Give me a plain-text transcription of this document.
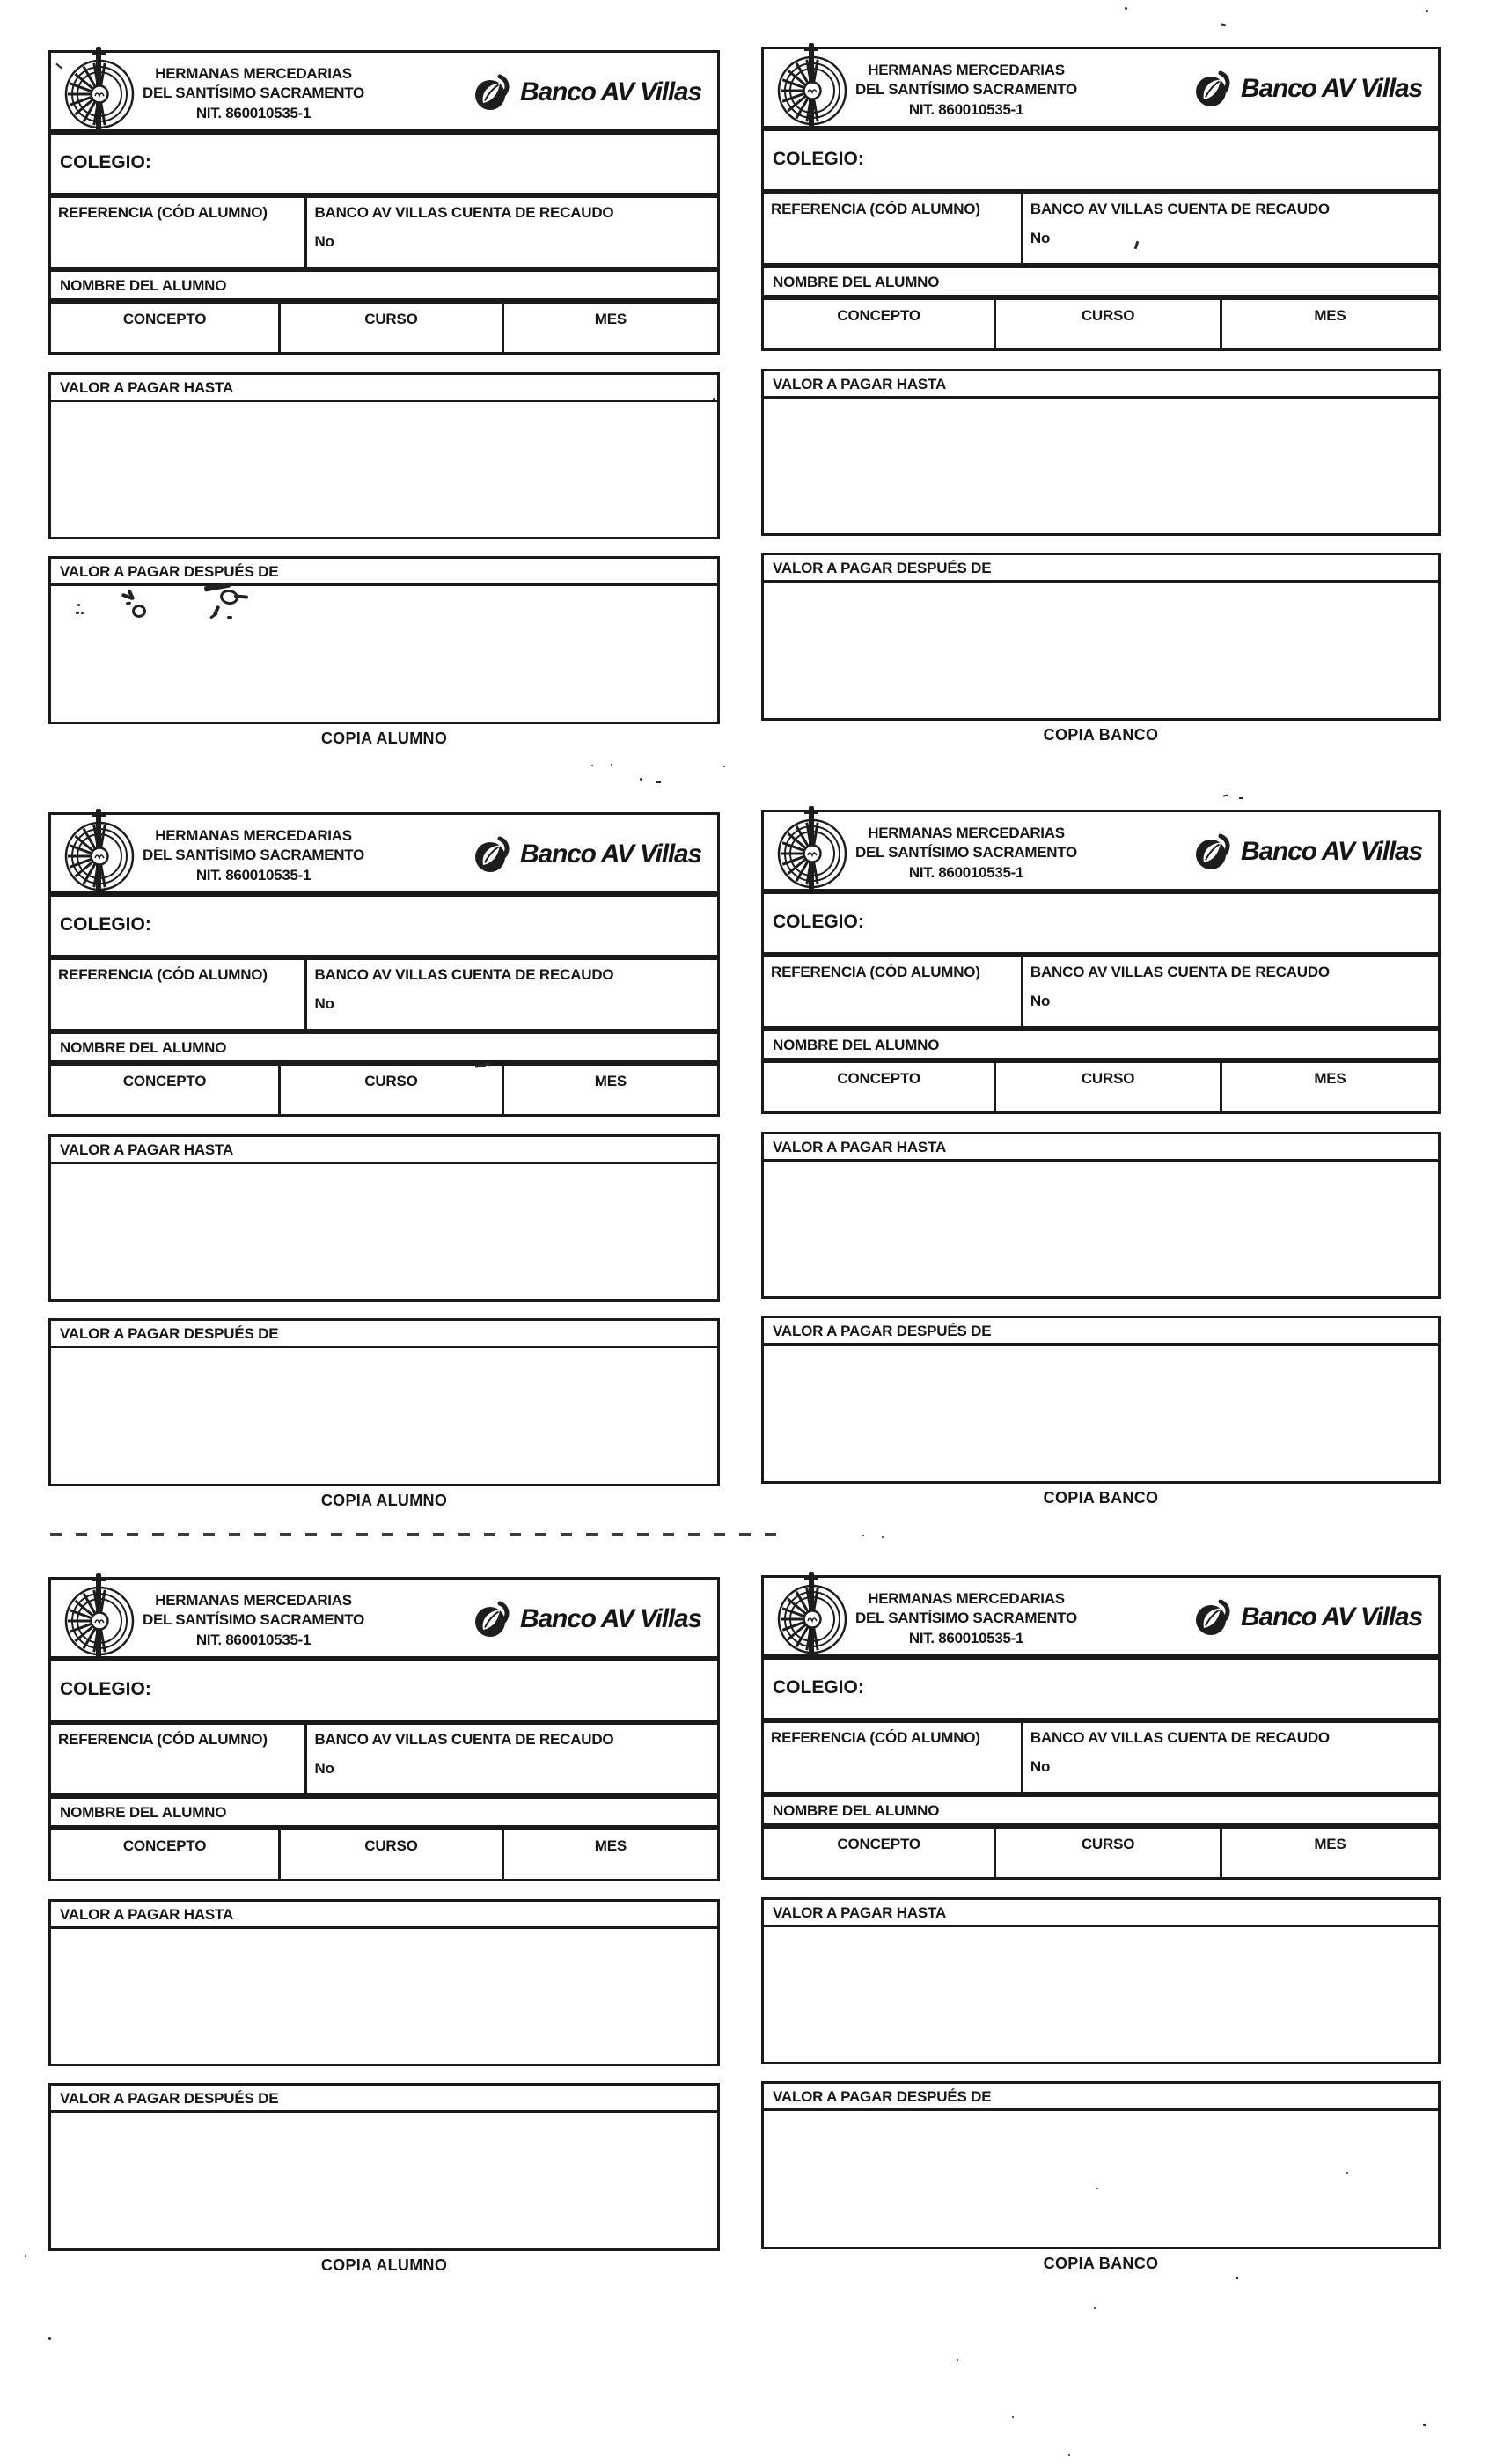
HERMANAS MERCEDARIAS
DEL SANTÍSIMO SACRAMENTO
NIT. 860010535-1
Banco AV Villas
COLEGIO:
REFERENCIA (CÓD ALUMNO)	BANCO AV VILLAS CUENTA DE RECAUDO
No
NOMBRE DEL ALUMNO
CONCEPTO	CURSO	MES
VALOR A PAGAR HASTA
VALOR A PAGAR DESPUÉS DE
COPIA ALUMNO
HERMANAS MERCEDARIAS
DEL SANTÍSIMO SACRAMENTO
NIT. 860010535-1
Banco AV Villas
COLEGIO:
REFERENCIA (CÓD ALUMNO)	BANCO AV VILLAS CUENTA DE RECAUDO
No
NOMBRE DEL ALUMNO
CONCEPTO	CURSO	MES
VALOR A PAGAR HASTA
VALOR A PAGAR DESPUÉS DE
COPIA BANCO
HERMANAS MERCEDARIAS
DEL SANTÍSIMO SACRAMENTO
NIT. 860010535-1
Banco AV Villas
COLEGIO:
REFERENCIA (CÓD ALUMNO)	BANCO AV VILLAS CUENTA DE RECAUDO
No
NOMBRE DEL ALUMNO
CONCEPTO	CURSO	MES
VALOR A PAGAR HASTA
VALOR A PAGAR DESPUÉS DE
COPIA ALUMNO
HERMANAS MERCEDARIAS
DEL SANTÍSIMO SACRAMENTO
NIT. 860010535-1
Banco AV Villas
COLEGIO:
REFERENCIA (CÓD ALUMNO)	BANCO AV VILLAS CUENTA DE RECAUDO
No
NOMBRE DEL ALUMNO
CONCEPTO	CURSO	MES
VALOR A PAGAR HASTA
VALOR A PAGAR DESPUÉS DE
COPIA BANCO
HERMANAS MERCEDARIAS
DEL SANTÍSIMO SACRAMENTO
NIT. 860010535-1
Banco AV Villas
COLEGIO:
REFERENCIA (CÓD ALUMNO)	BANCO AV VILLAS CUENTA DE RECAUDO
No
NOMBRE DEL ALUMNO
CONCEPTO	CURSO	MES
VALOR A PAGAR HASTA
VALOR A PAGAR DESPUÉS DE
COPIA ALUMNO
HERMANAS MERCEDARIAS
DEL SANTÍSIMO SACRAMENTO
NIT. 860010535-1
Banco AV Villas
COLEGIO:
REFERENCIA (CÓD ALUMNO)	BANCO AV VILLAS CUENTA DE RECAUDO
No
NOMBRE DEL ALUMNO
CONCEPTO	CURSO	MES
VALOR A PAGAR HASTA
VALOR A PAGAR DESPUÉS DE
COPIA BANCO
